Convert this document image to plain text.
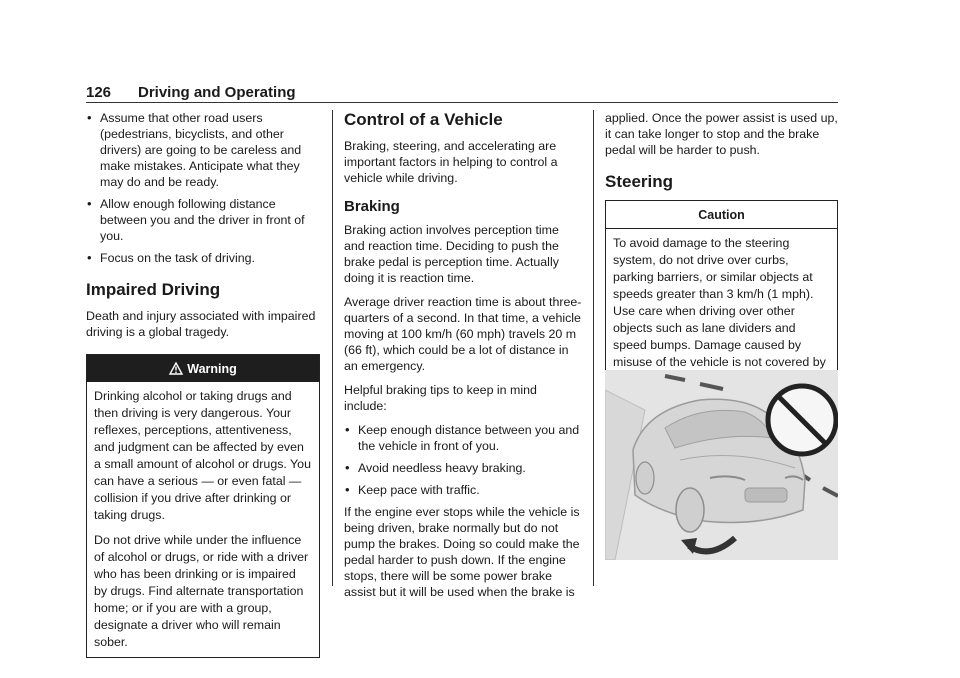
126 Driving and Operating
• Assume that other road users (pedestrians, bicyclists, and other drivers) are going to be careless and make mistakes. Anticipate what they may do and be ready.
• Allow enough following distance between you and the driver in front of you.
• Focus on the task of driving.
Impaired Driving

Death and injury associated with impaired driving is a global tragedy.

Warning

Drinking alcohol or taking drugs and then driving is very dangerous. Your reflexes, perceptions, attentiveness, and judgment can be affected by even a small amount of alcohol or drugs. You can have a serious — or even fatal — collision if you drive after drinking or taking drugs.

Do not drive while under the influence of alcohol or drugs, or ride with a driver who has been drinking or is impaired by drugs. Find alternate transportation home; or if you are with a group, designate a driver who will remain sober.

Control of a Vehicle

Braking, steering, and accelerating are important factors in helping to control a vehicle while driving.

Braking

Braking action involves perception time and reaction time. Deciding to push the brake pedal is perception time. Actually doing it is reaction time.

Average driver reaction time is about three-quarters of a second. In that time, a vehicle moving at 100 km/h (60 mph) travels 20 m (66 ft), which could be a lot of distance in an emergency.

Helpful braking tips to keep in mind include:

• Keep enough distance between you and the vehicle in front of you.
• Avoid needless heavy braking.
• Keep pace with traffic.

If the engine ever stops while the vehicle is being driven, brake normally but do not pump the brakes. Doing so could make the pedal harder to push down. If the engine stops, there will be some power brake assist but it will be used when the brake is

applied. Once the power assist is used up, it can take longer to stop and the brake pedal will be harder to push.

Steering
Caution

To avoid damage to the steering system, do not drive over curbs, parking barriers, or similar objects at speeds greater than 3 km/h (1 mph). Use care when driving over other objects such as lane dividers and speed bumps. Damage caused by misuse of the vehicle is not covered by
